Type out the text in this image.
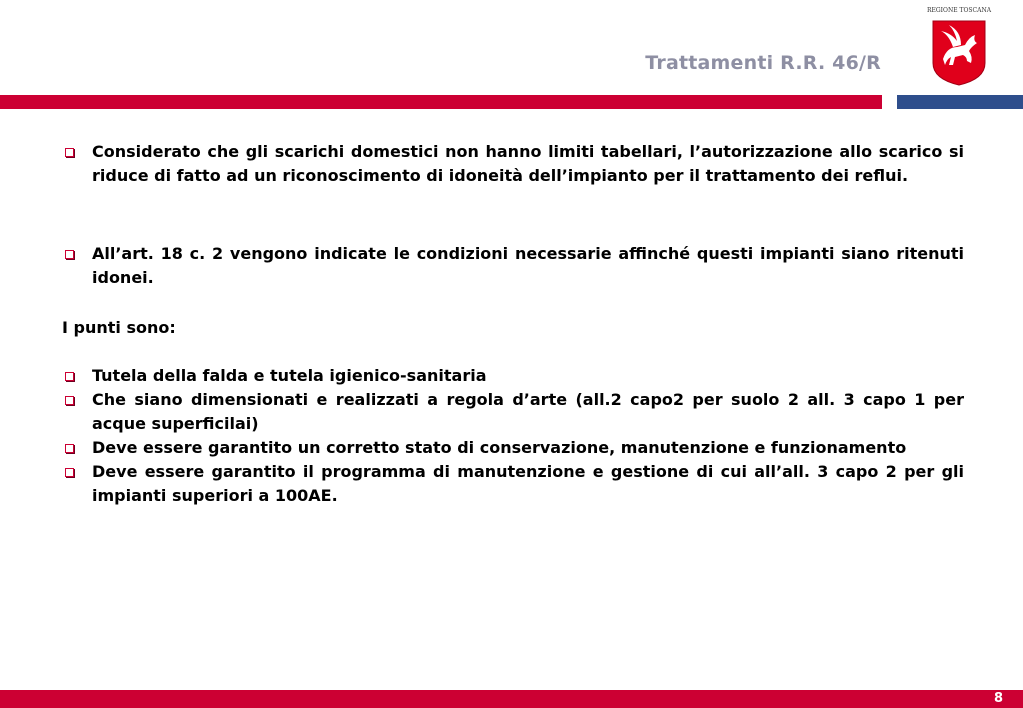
Trattamenti R.R. 46/R
REGIONE TOSCANA
Considerato che gli scarichi domestici non hanno limiti tabellari, l’autorizzazione allo scarico si riduce di fatto ad un riconoscimento di idoneità dell’impianto per il trattamento dei reflui.
All’art. 18 c. 2 vengono indicate le condizioni necessarie affinché questi impianti siano ritenuti idonei.
I punti sono:
Tutela della falda e tutela igienico-sanitaria
Che siano dimensionati e realizzati a regola d’arte (all.2 capo2 per suolo 2 all. 3 capo 1 per acque superficilai)
Deve essere garantito un corretto stato di conservazione, manutenzione e funzionamento
Deve essere garantito il programma di manutenzione e gestione di cui all’all. 3 capo 2 per gli impianti superiori a 100AE.
8
